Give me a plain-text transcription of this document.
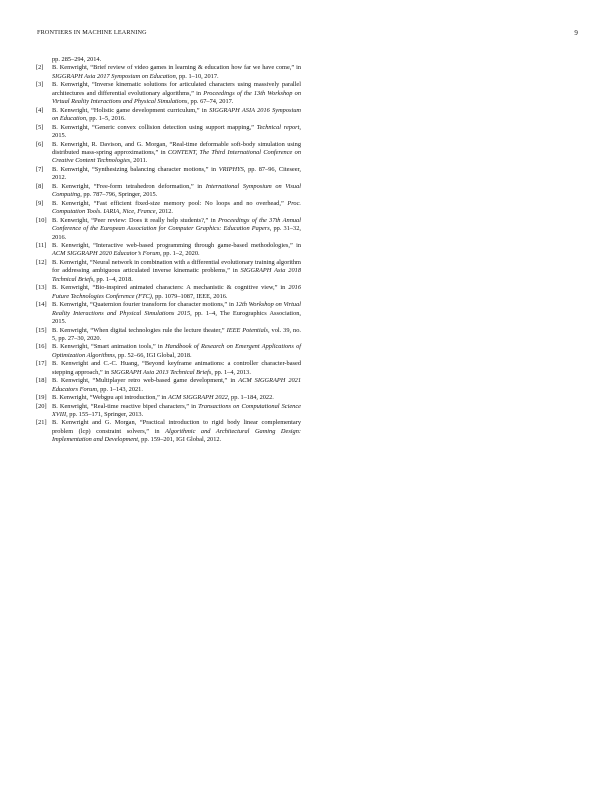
FRONTIERS IN MACHINE LEARNING	9
pp. 285–294, 2014.
[2]	B. Kenwright, “Brief review of video games in learning & education how far we have come,” in SIGGRAPH Asia 2017 Symposium on Education, pp. 1–10, 2017.
[3]	B. Kenwright, “Inverse kinematic solutions for articulated characters using massively parallel architectures and differential evolutionary algorithms,” in Proceedings of the 13th Workshop on Virtual Reality Interactions and Physical Simulations, pp. 67–74, 2017.
[4]	B. Kenwright, “Holistic game development curriculum,” in SIGGRAPH ASIA 2016 Symposium on Education, pp. 1–5, 2016.
[5]	B. Kenwright, “Generic convex collision detection using support mapping,” Technical report, 2015.
[6]	B. Kenwright, R. Davison, and G. Morgan, “Real-time deformable soft-body simulation using distributed mass-spring approximations,” in CONTENT, The Third International Conference on Creative Content Technologies, 2011.
[7]	B. Kenwright, “Synthesizing balancing character motions,” in VRIPHYS, pp. 87–96, Citeseer, 2012.
[8]	B. Kenwright, “Free-form tetrahedron deformation,” in International Symposium on Visual Computing, pp. 787–796, Springer, 2015.
[9]	B. Kenwright, “Fast efficient fixed-size memory pool: No loops and no overhead,” Proc. Computation Tools. IARIA, Nice, France, 2012.
[10] B. Kenwright, “Peer review: Does it really help students?,” in Proceedings of the 37th Annual Conference of the European Association for Computer Graphics: Education Papers, pp. 31–32, 2016.
[11] B. Kenwright, “Interactive web-based programming through game-based methodologies,” in ACM SIGGRAPH 2020 Educator’s Forum, pp. 1–2, 2020.
[12] B. Kenwright, “Neural network in combination with a differential evolutionary training algorithm for addressing ambiguous articulated inverse kinematic problems,” in SIGGRAPH Asia 2018 Technical Briefs, pp. 1–4, 2018.
[13] B. Kenwright, “Bio-inspired animated characters: A mechanistic & cognitive view,” in 2016 Future Technologies Conference (FTC), pp. 1079–1087, IEEE, 2016.
[14] B. Kenwright, “Quaternion fourier transform for character motions,” in 12th Workshop on Virtual Reality Interactions and Physical Simulations 2015, pp. 1–4, The Eurographics Association, 2015.
[15] B. Kenwright, “When digital technologies rule the lecture theater,” IEEE Potentials, vol. 39, no. 5, pp. 27–30, 2020.
[16] B. Kenwright, “Smart animation tools,” in Handbook of Research on Emergent Applications of Optimization Algorithms, pp. 52–66, IGI Global, 2018.
[17] B. Kenwright and C.-C. Huang, “Beyond keyframe animations: a controller character-based stepping approach,” in SIGGRAPH Asia 2013 Technical Briefs, pp. 1–4, 2013.
[18] B. Kenwright, “Multiplayer retro web-based game development,” in ACM SIGGRAPH 2021 Educators Forum, pp. 1–143, 2021.
[19] B. Kenwright, “Webgpu api introduction,” in ACM SIGGRAPH 2022, pp. 1–184, 2022.
[20] B. Kenwright, “Real-time reactive biped characters,” in Transactions on Computational Science XVIII, pp. 155–171, Springer, 2013.
[21] B. Kenwright and G. Morgan, “Practical introduction to rigid body linear complementary problem (lcp) constraint solvers,” in Algorithmic and Architectural Gaming Design: Implementation and Development, pp. 159–201, IGI Global, 2012.
